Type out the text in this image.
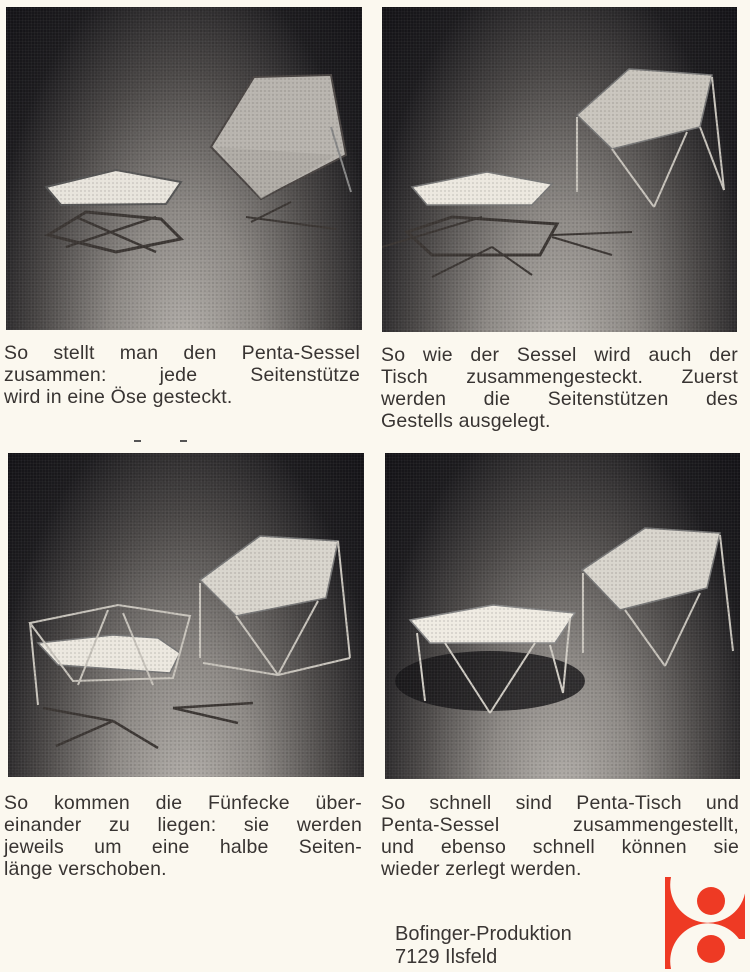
So stellt man den Penta-Sessel
zusammen: jede Seitenstütze
wird in eine Öse gesteckt.
So wie der Sessel wird auch der
Tisch zusammengesteckt. Zuerst
werden die Seitenstützen des
Gestells ausgelegt.
So kommen die Fünfecke über-
einander zu liegen: sie werden
jeweils um eine halbe Seiten-
länge verschoben.
So schnell sind Penta-Tisch und
Penta-Sessel zusammengestellt,
und ebenso schnell können sie
wieder zerlegt werden.
Bofinger-Produktion
7129 Ilsfeld
